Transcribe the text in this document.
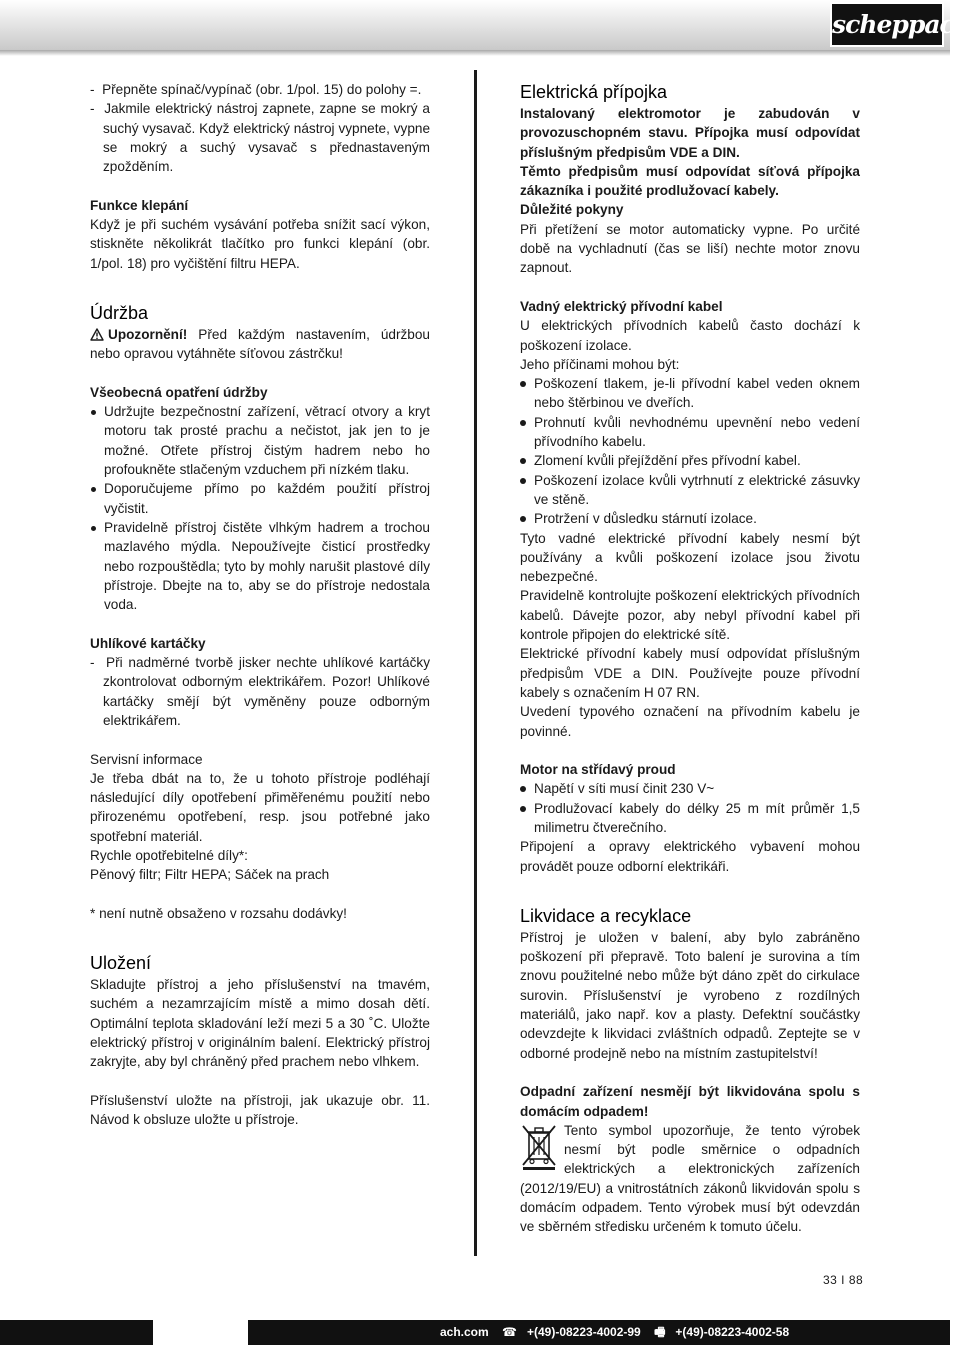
scheppach

-  Přepněte spínač/vypínač (obr. 1/pol. 15) do polohy =.

-  Jakmile elektrický nástroj zapnete, zapne se mokrý a suchý vysavač. Když elektrický nástroj vypnete, vypne se mokrý a suchý vysavač s přednastaveným zpožděním.

Funkce klepání

Když je při suchém vysávání potřeba snížit sací výkon, stiskněte několikrát tlačítko pro funkci klepání (obr. 1/pol. 18) pro vyčištění filtru HEPA.

Údržba

Upozornění! Před každým nastavením, údržbou nebo opravou vytáhněte síťovou zástrčku!

Všeobecná opatření údržby

Udržujte bezpečnostní zařízení, větrací otvory a kryt motoru tak prosté prachu a nečistot, jak jen to je možné. Otřete přístroj čistým hadrem nebo ho profoukněte stlačeným vzduchem při nízkém tlaku.

Doporučujeme přímo po každém použití přístroj vyčistit.

Pravidelně přístroj čistěte vlhkým hadrem a trochou mazlavého mýdla. Nepoužívejte čisticí prostředky nebo rozpouštědla; tyto by mohly narušit plastové díly přístroje. Dbejte na to, aby se do přístroje nedostala voda.

Uhlíkové kartáčky

-  Při nadměrné tvorbě jisker nechte uhlíkové kartáčky zkontrolovat odborným elektrikářem. Pozor! Uhlíkové kartáčky smějí být vyměněny pouze odborným elektrikářem.

Servisní informace

Je třeba dbát na to, že u tohoto přístroje podléhají následující díly opotřebení přiměřenému použití nebo přirozenému opotřebení, resp. jsou potřebné jako spotřební materiál.

Rychle opotřebitelné díly*:

Pěnový filtr; Filtr HEPA; Sáček na prach

* není nutně obsaženo v rozsahu dodávky!

Uložení

Skladujte přístroj a jeho příslušenství na tmavém, suchém a nezamrzajícím místě a mimo dosah dětí. Optimální teplota skladování leží mezi 5 a 30 ˚C. Uložte elektrický přístroj v originálním balení. Elektrický přístroj zakryjte, aby byl chráněný před prachem nebo vlhkem.

Příslušenství uložte na přístroji, jak ukazuje obr. 11. Návod k obsluze uložte u přístroje.

Elektrická přípojka

Instalovaný elektromotor je zabudován v provozuschopném stavu. Přípojka musí odpovídat příslušným předpisům VDE a DIN.

Těmto předpisům musí odpovídat síťová přípojka zákazníka i použité prodlužovací kabely.

Důležité pokyny

Při přetížení se motor automaticky vypne. Po určité době na vychladnutí (čas se liší) nechte motor znovu zapnout.

Vadný elektrický přívodní kabel

U elektrických přívodních kabelů často dochází k poškození izolace.

Jeho příčinami mohou být:

Poškození tlakem, je-li přívodní kabel veden oknem nebo štěrbinou ve dveřích.

Prohnutí kvůli nevhodnému upevnění nebo vedení přívodního kabelu.

Zlomení kvůli přejíždění přes přívodní kabel.

Poškození izolace kvůli vytrhnutí z elektrické zásuvky ve stěně.

Protržení v důsledku stárnutí izolace.

Tyto vadné elektrické přívodní kabely nesmí být používány a kvůli poškození izolace jsou životu nebezpečné.

Pravidelně kontrolujte poškození elektrických přívodních kabelů. Dávejte pozor, aby nebyl přívodní kabel při kontrole připojen do elektrické sítě.

Elektrické přívodní kabely musí odpovídat příslušným předpisům VDE a DIN. Používejte pouze přívodní kabely s označením H 07 RN.

Uvedení typového označení na přívodním kabelu je povinné.

Motor na střídavý proud

Napětí v síti musí činit 230 V~

Prodlužovací kabely do délky 25 m mít průměr 1,5 milimetru čtverečního.

Připojení a opravy elektrického vybavení mohou provádět pouze odborní elektrikáři.

Likvidace a recyklace

Přístroj je uložen v balení, aby bylo zabráněno poškození při přepravě. Toto balení je surovina a tím znovu použitelné nebo může být dáno zpět do cirkulace surovin. Příslušenství je vyrobeno z rozdílných materiálů, jako např. kov a plasty. Defektní součástky odevzdejte k likvidaci zvláštních odpadů. Zeptejte se v odborné prodejně nebo na místním zastupitelství!

Odpadní zařízení nesmějí být likvidována spolu s domácím odpadem!

Tento symbol upozorňuje, že tento výrobek nesmí být podle směrnice o odpadních elektrických a elektronických zařízeních (2012/19/EU) a vnitrostátních zákonů likvidován spolu s domácím odpadem. Tento výrobek musí být odevzdán ve sběrném středisku určeném k tomuto účelu.

33 I 88
ach.com ☎ +(49)-08223-4002-99 🖷 +(49)-08223-4002-58
